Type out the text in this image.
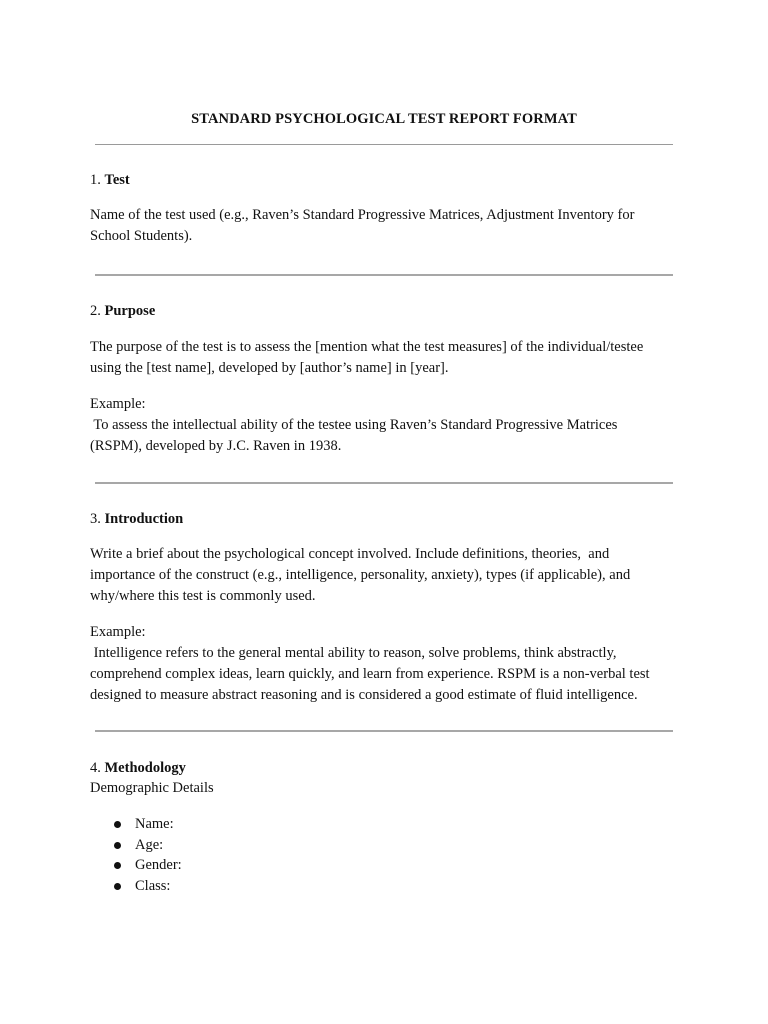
STANDARD PSYCHOLOGICAL TEST REPORT FORMAT
1. Test
Name of the test used (e.g., Raven’s Standard Progressive Matrices, Adjustment Inventory for
School Students).
2. Purpose
The purpose of the test is to assess the [mention what the test measures] of the individual/testee
using the [test name], developed by [author’s name] in [year].
Example:
To assess the intellectual ability of the testee using Raven’s Standard Progressive Matrices
(RSPM), developed by J.C. Raven in 1938.
3. Introduction
Write a brief about the psychological concept involved. Include definitions, theories,  and
importance of the construct (e.g., intelligence, personality, anxiety), types (if applicable), and
why/where this test is commonly used.
Example:
Intelligence refers to the general mental ability to reason, solve problems, think abstractly,
comprehend complex ideas, learn quickly, and learn from experience. RSPM is a non-verbal test
designed to measure abstract reasoning and is considered a good estimate of fluid intelligence.
4. Methodology
Demographic Details
Name:
Age:
Gender:
Class:
